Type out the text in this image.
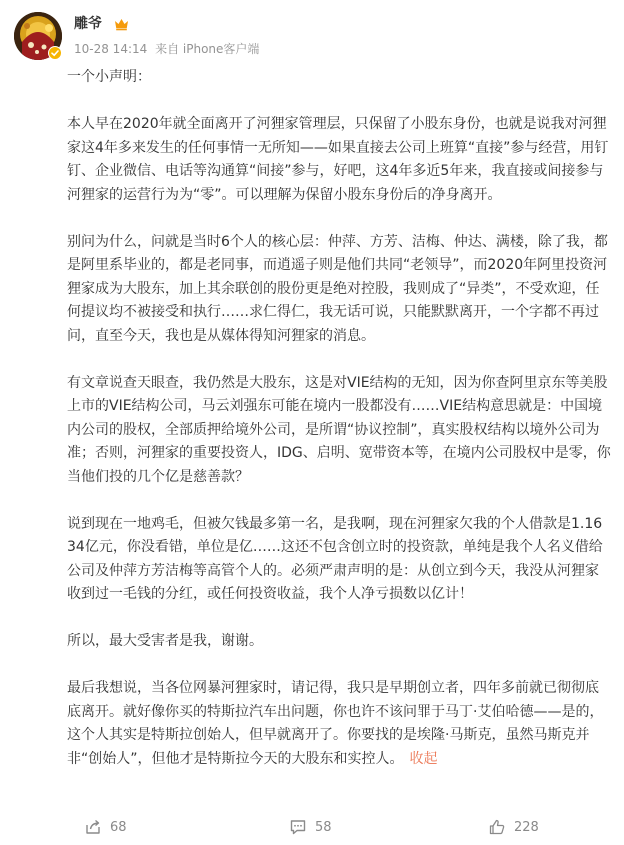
雕爷
10-28 14:14 来自 iPhone客户端

一个小声明：

本人早在2020年就全面离开了河狸家管理层，只保留了小股东身份，也就是说我对河狸家这4年多来发生的任何事情一无所知——如果直接去公司上班算“直接”参与经营，用钉钉、企业微信、电话等沟通算“间接”参与，好吧，这4年多近5年来，我直接或间接参与河狸家的运营行为为“零”。可以理解为保留小股东身份后的净身离开。

别问为什么，问就是当时6个人的核心层：仲萍、方芳、洁梅、仲达、满楼，除了我，都是阿里系毕业的，都是老同事，而逍遥子则是他们共同“老领导”，而2020年阿里投资河狸家成为大股东，加上其余联创的股份更是绝对控股，我则成了“异类”，不受欢迎，任何提议均不被接受和执行……求仁得仁，我无话可说，只能默默离开，一个字都不再过问，直至今天，我也是从媒体得知河狸家的消息。

有文章说查天眼查，我仍然是大股东，这是对VIE结构的无知，因为你查阿里京东等美股上市的VIE结构公司，马云刘强东可能在境内一股都没有……VIE结构意思就是：中国境内公司的股权，全部质押给境外公司，是所谓“协议控制”，真实股权结构以境外公司为准；否则，河狸家的重要投资人，IDG、启明、宽带资本等，在境内公司股权中是零，你当他们投的几个亿是慈善款？

说到现在一地鸡毛，但被欠钱最多第一名，是我啊，现在河狸家欠我的个人借款是1.1634亿元，你没看错，单位是亿……这还不包含创立时的投资款，单纯是我个人名义借给公司及仲萍方芳洁梅等高管个人的。必须严肃声明的是：从创立到今天，我没从河狸家收到过一毛钱的分红，或任何投资收益，我个人净亏损数以亿计！

所以，最大受害者是我，谢谢。

最后我想说，当各位网暴河狸家时，请记得，我只是早期创立者，四年多前就已彻彻底底离开。就好像你买的特斯拉汽车出问题，你也许不该问罪于马丁·艾伯哈德——是的，这个人其实是特斯拉创始人，但早就离开了。你要找的是埃隆·马斯克，虽然马斯克并非“创始人”，但他才是特斯拉今天的大股东和实控人。 收起

68	58	228
